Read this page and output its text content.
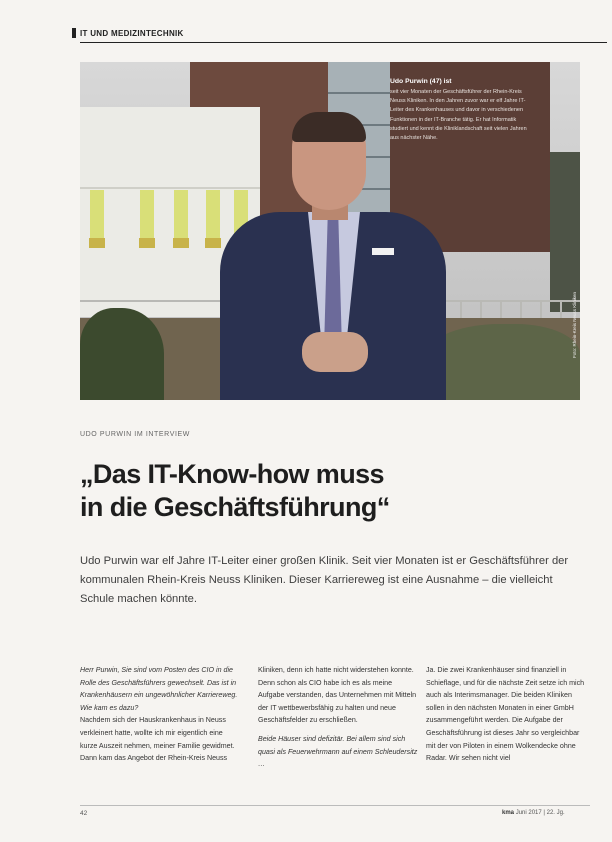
IT UND MEDIZINTECHNIK
Udo Purwin (47) ist
seit vier Monaten der Geschäftsführer der Rhein-Kreis Neuss Kliniken. In den Jahren zuvor war er elf Jahre IT-Leiter des Krankenhauses und davor in verschiedenen Funktionen in der IT-Branche tätig. Er hat Informatik studiert und kennt die Kliniklandschaft seit vielen Jahren aus nächster Nähe.
Foto: Rhein-Kreis Neuss Kliniken
UDO PURWIN IM INTERVIEW
„Das IT-Know-how muss
in die Geschäftsführung“
Udo Purwin war elf Jahre IT-Leiter einer großen Klinik. Seit vier Monaten ist er Geschäftsführer der kommunalen Rhein-Kreis Neuss Kliniken. Dieser Karriereweg ist eine Ausnahme – die vielleicht Schule machen könnte.

Herr Purwin, Sie sind vom Posten des CIO in die Rolle des Geschäftsführers gewechselt. Das ist in Krankenhäusern ein ungewöhnlicher Karriereweg. Wie kam es dazu?

Nachdem sich der Hauskrankenhaus in Neuss verkleinert hatte, wollte ich mir eigentlich eine kurze Auszeit nehmen, meiner Familie gewidmet. Dann kam das Angebot der Rhein-Kreis Neuss

Kliniken, denn ich hatte nicht widerstehen konnte. Denn schon als CIO habe ich es als meine Aufgabe verstanden, das Unternehmen mit Mitteln der IT wettbewerbsfähig zu halten und neue Geschäftsfelder zu erschließen.

Beide Häuser sind defizitär. Bei allem sind sich quasi als Feuerwehrmann auf einem Schleudersitz …

Ja. Die zwei Krankenhäuser sind finanziell in Schieflage, und für die nächste Zeit setze ich mich auch als Interimsmanager. Die beiden Kliniken sollen in den nächsten Monaten in einer GmbH zusammengeführt werden. Die Aufgabe der Geschäftsführung ist dieses Jahr so vergleichbar mit der von Piloten in einem Wolkendecke ohne Radar. Wir sehen nicht viel

42	kma Juni 2017 | 22. Jg.
